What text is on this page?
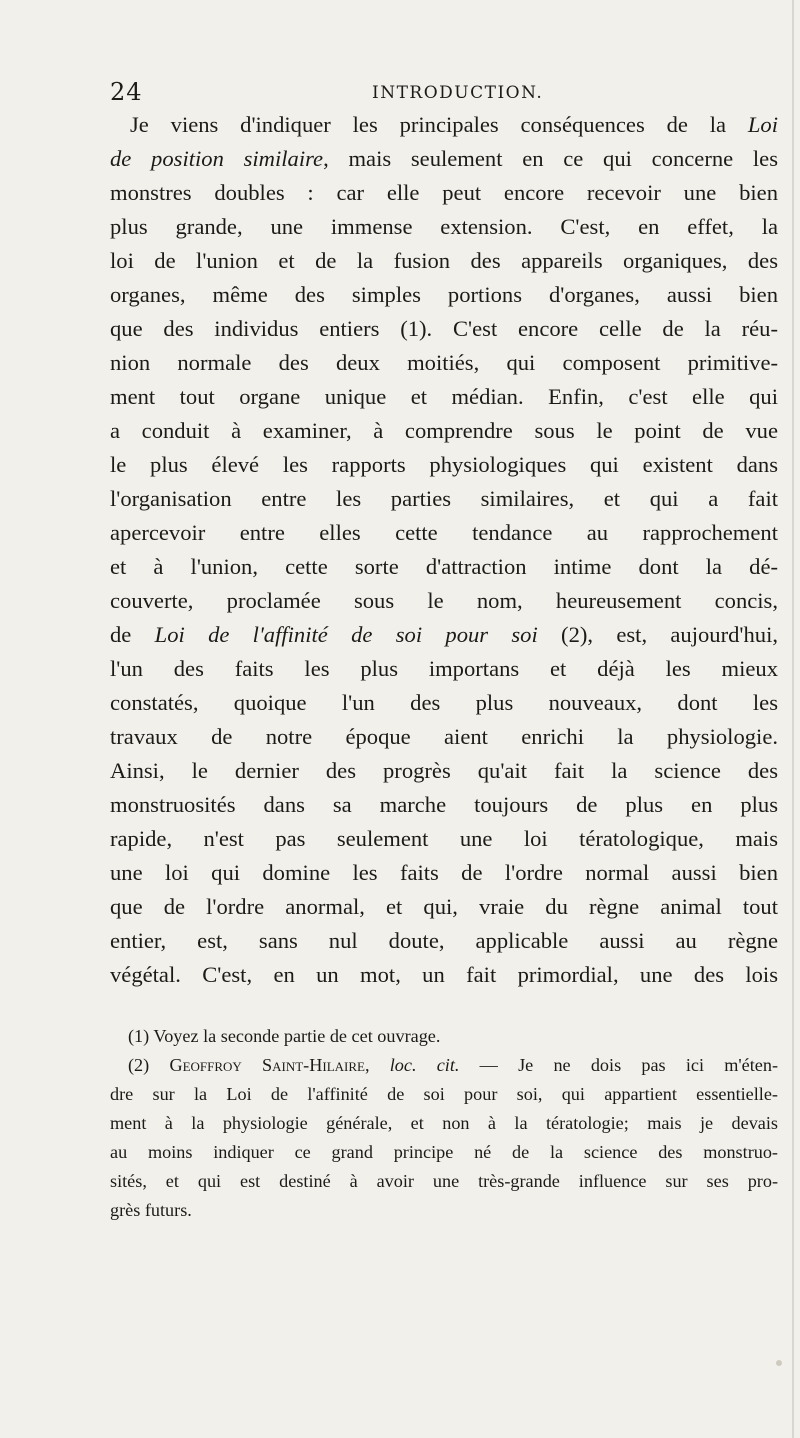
24	INTRODUCTION.
Je viens d'indiquer les principales conséquences de la Loi
de position similaire, mais seulement en ce qui concerne les
monstres doubles : car elle peut encore recevoir une bien
plus grande, une immense extension. C'est, en effet, la
loi de l'union et de la fusion des appareils organiques, des
organes, même des simples portions d'organes, aussi bien
que des individus entiers (1). C'est encore celle de la réu-
nion normale des deux moitiés, qui composent primitive-
ment tout organe unique et médian. Enfin, c'est elle qui
a conduit à examiner, à comprendre sous le point de vue
le plus élevé les rapports physiologiques qui existent dans
l'organisation entre les parties similaires, et qui a fait
apercevoir entre elles cette tendance au rapprochement
et à l'union, cette sorte d'attraction intime dont la dé-
couverte, proclamée sous le nom, heureusement concis,
de Loi de l'affinité de soi pour soi (2), est, aujourd'hui,
l'un des faits les plus importans et déjà les mieux
constatés, quoique l'un des plus nouveaux, dont les
travaux de notre époque aient enrichi la physiologie.
Ainsi, le dernier des progrès qu'ait fait la science des
monstruosités dans sa marche toujours de plus en plus
rapide, n'est pas seulement une loi tératologique, mais
une loi qui domine les faits de l'ordre normal aussi bien
que de l'ordre anormal, et qui, vraie du règne animal tout
entier, est, sans nul doute, applicable aussi au règne
végétal. C'est, en un mot, un fait primordial, une des lois
(1) Voyez la seconde partie de cet ouvrage.
(2) Geoffroy Saint-Hilaire, loc. cit. — Je ne dois pas ici m'éten-
dre sur la Loi de l'affinité de soi pour soi, qui appartient essentielle-
ment à la physiologie générale, et non à la tératologie; mais je devais
au moins indiquer ce grand principe né de la science des monstruo-
sités, et qui est destiné à avoir une très-grande influence sur ses pro-
grès futurs.
